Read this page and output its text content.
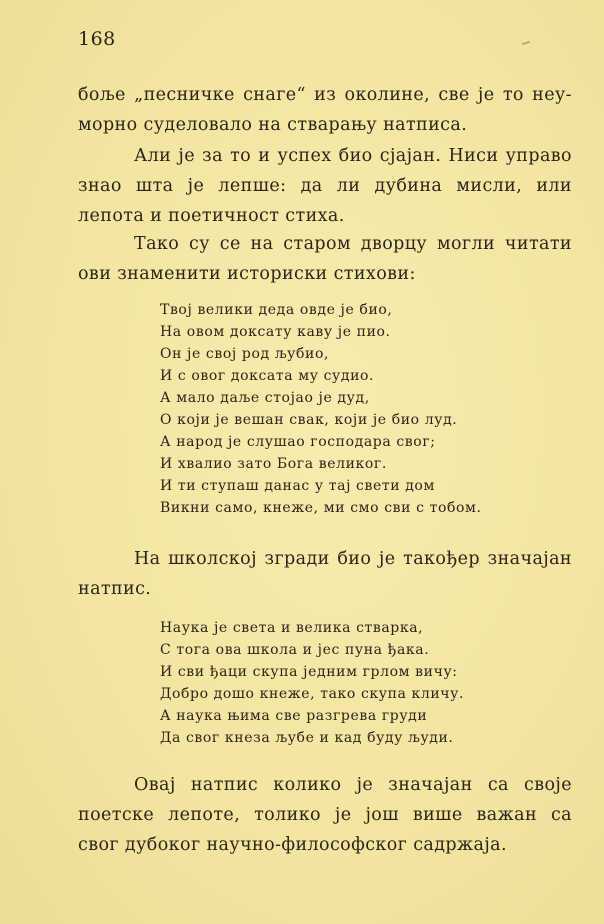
168
боље „песничке снаге“ из околине, све је то неу-
морно суделовало на стварању натписа.
Али је за то и успех био сјајан. Ниси управо
знао шта је лепше: да ли дубина мисли, или
лепота и поетичност стиха.
Тако су се на старом дворцу могли читати
ови знаменити историски стихови:
Твој велики деда овде је био,
На овом доксату каву је пио.
Он је свој род љубио,
И с овог доксата му судио.
А мало даље стојао је дуд,
О који је вешан свак, који је био луд.
А народ је слушао господара свог;
И хвалио зато Бога великог.
И ти ступаш данас у тај свети дом
Викни само, кнеже, ми смо сви с тобом.
На школској згради био је такођер значајан
натпис.
Наука је света и велика стварка,
С тога ова школа и јес пуна ђака.
И сви ђаци скупа једним грлом вичу:
Добро дошо кнеже, тако скупа кличу.
А наука њима све разгрева груди
Да свог кнеза љубе и кад буду људи.
Овај натпис колико је значајан са своје
поетске лепоте, толико је још више важан са
свог дубоког научно-философског садржаја.
